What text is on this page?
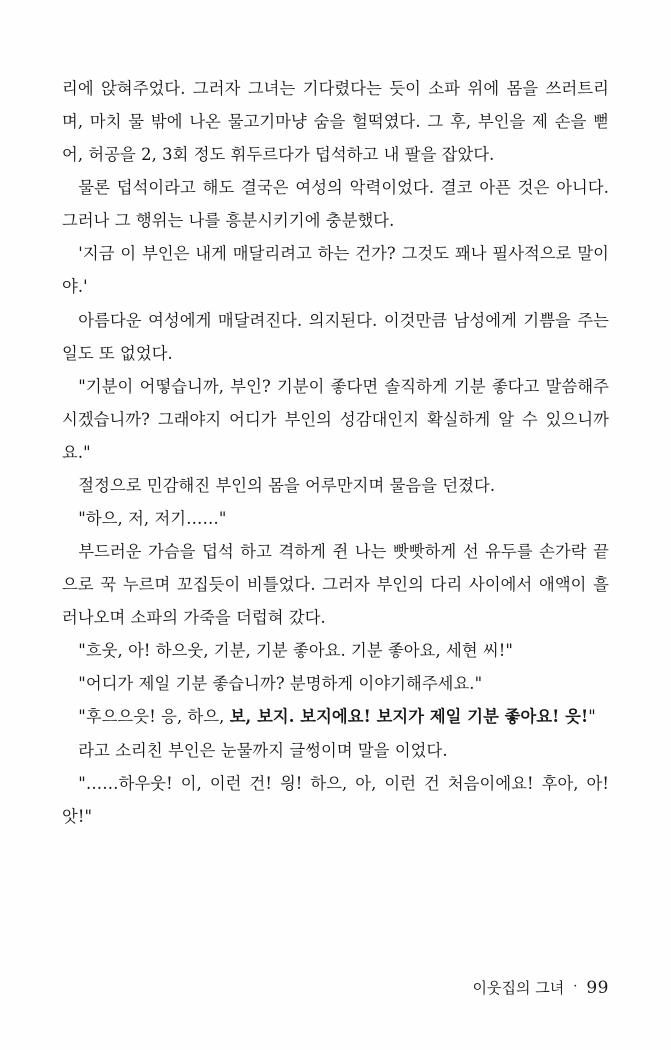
리에 앉혀주었다. 그러자 그녀는 기다렸다는 듯이 소파 위에 몸을 쓰러트리며, 마치 물 밖에 나온 물고기마냥 숨을 헐떡였다. 그 후, 부인을 제 손을 뻗어, 허공을 2, 3회 정도 휘두르다가 덥석하고 내 팔을 잡았다.

물론 덥석이라고 해도 결국은 여성의 악력이었다. 결코 아픈 것은 아니다. 그러나 그 행위는 나를 흥분시키기에 충분했다.

'지금 이 부인은 내게 매달리려고 하는 건가? 그것도 꽤나 필사적으로 말이야.'

아름다운 여성에게 매달려진다. 의지된다. 이것만큼 남성에게 기쁨을 주는 일도 또 없었다.

"기분이 어떻습니까, 부인? 기분이 좋다면 솔직하게 기분 좋다고 말씀해주시겠습니까? 그래야지 어디가 부인의 성감대인지 확실하게 알 수 있으니까요."

절정으로 민감해진 부인의 몸을 어루만지며 물음을 던졌다.

"하으, 저, 저기……"

부드러운 가슴을 덥석 하고 격하게 쥔 나는 빳빳하게 선 유두를 손가락 끝으로 꾹 누르며 꼬집듯이 비틀었다. 그러자 부인의 다리 사이에서 애액이 흘러나오며 소파의 가죽을 더럽혀 갔다.

"흐웃, 아! 하으웃, 기분, 기분 좋아요. 기분 좋아요, 세현 씨!"

"어디가 제일 기분 좋습니까? 분명하게 이야기해주세요."

"후으으읏! 응, 하으, 보, 보지. 보지에요! 보지가 제일 기분 좋아요! 읏!"

라고 소리친 부인은 눈물까지 글썽이며 말을 이었다.

"……하우웃! 이, 이런 건! 읭! 하으, 아, 이런 건 처음이에요! 후아, 아! 앗!"

이웃집의 그녀 · 99
